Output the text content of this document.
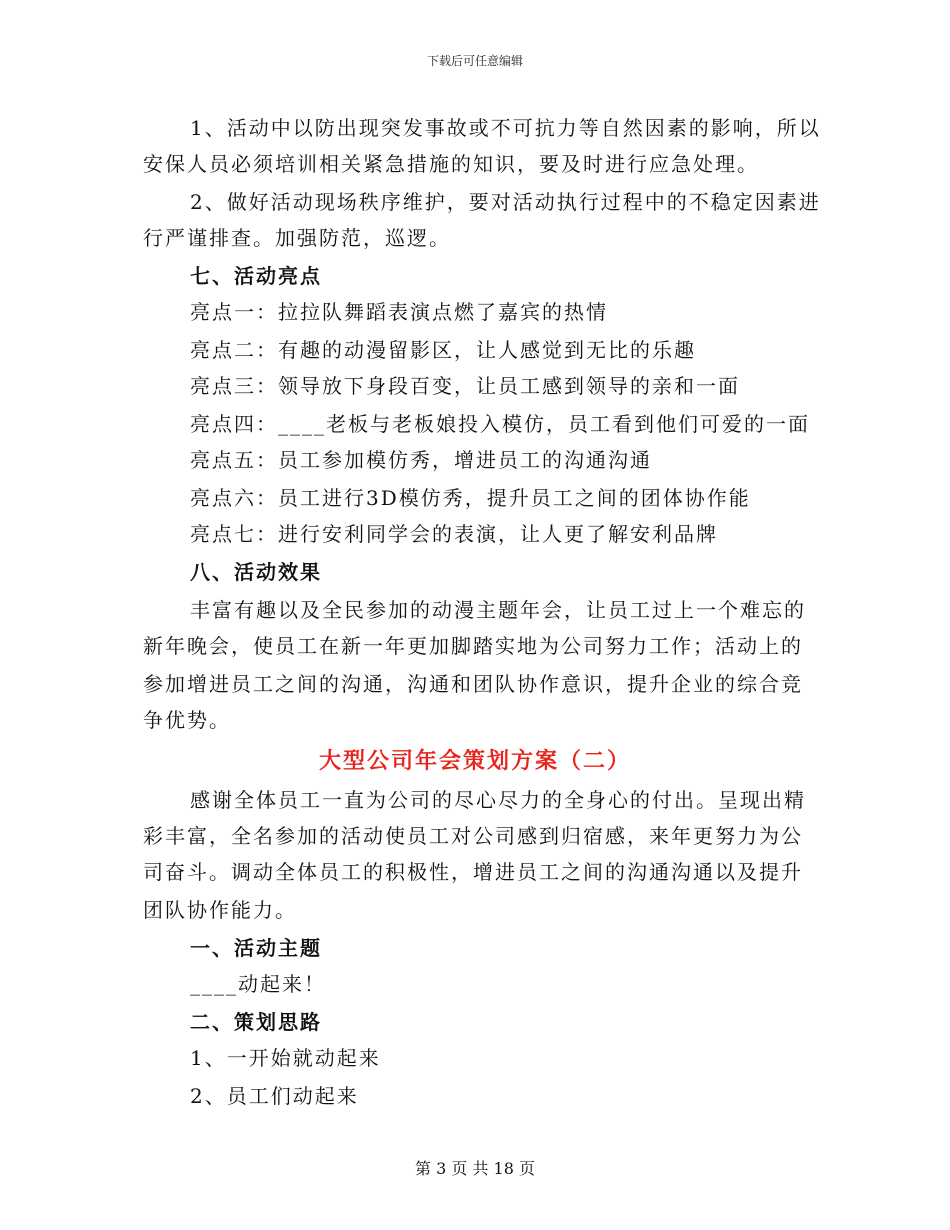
下载后可任意编辑
1、活动中以防出现突发事故或不可抗力等自然因素的影响，所以
安保人员必须培训相关紧急措施的知识，要及时进行应急处理。
2、做好活动现场秩序维护，要对活动执行过程中的不稳定因素进
行严谨排查。加强防范，巡逻。
七、活动亮点
亮点一：拉拉队舞蹈表演点燃了嘉宾的热情
亮点二：有趣的动漫留影区，让人感觉到无比的乐趣
亮点三：领导放下身段百变，让员工感到领导的亲和一面
亮点四：____老板与老板娘投入模仿，员工看到他们可爱的一面
亮点五：员工参加模仿秀，增进员工的沟通沟通
亮点六：员工进行3D模仿秀，提升员工之间的团体协作能
亮点七：进行安利同学会的表演，让人更了解安利品牌
八、活动效果
丰富有趣以及全民参加的动漫主题年会，让员工过上一个难忘的
新年晚会，使员工在新一年更加脚踏实地为公司努力工作；活动上的
参加增进员工之间的沟通，沟通和团队协作意识，提升企业的综合竞
争优势。
大型公司年会策划方案（二）
感谢全体员工一直为公司的尽心尽力的全身心的付出。呈现出精
彩丰富，全名参加的活动使员工对公司感到归宿感，来年更努力为公
司奋斗。调动全体员工的积极性，增进员工之间的沟通沟通以及提升
团队协作能力。
一、活动主题
____动起来！
二、策划思路
1、一开始就动起来
2、员工们动起来
第 3 页 共 18 页
